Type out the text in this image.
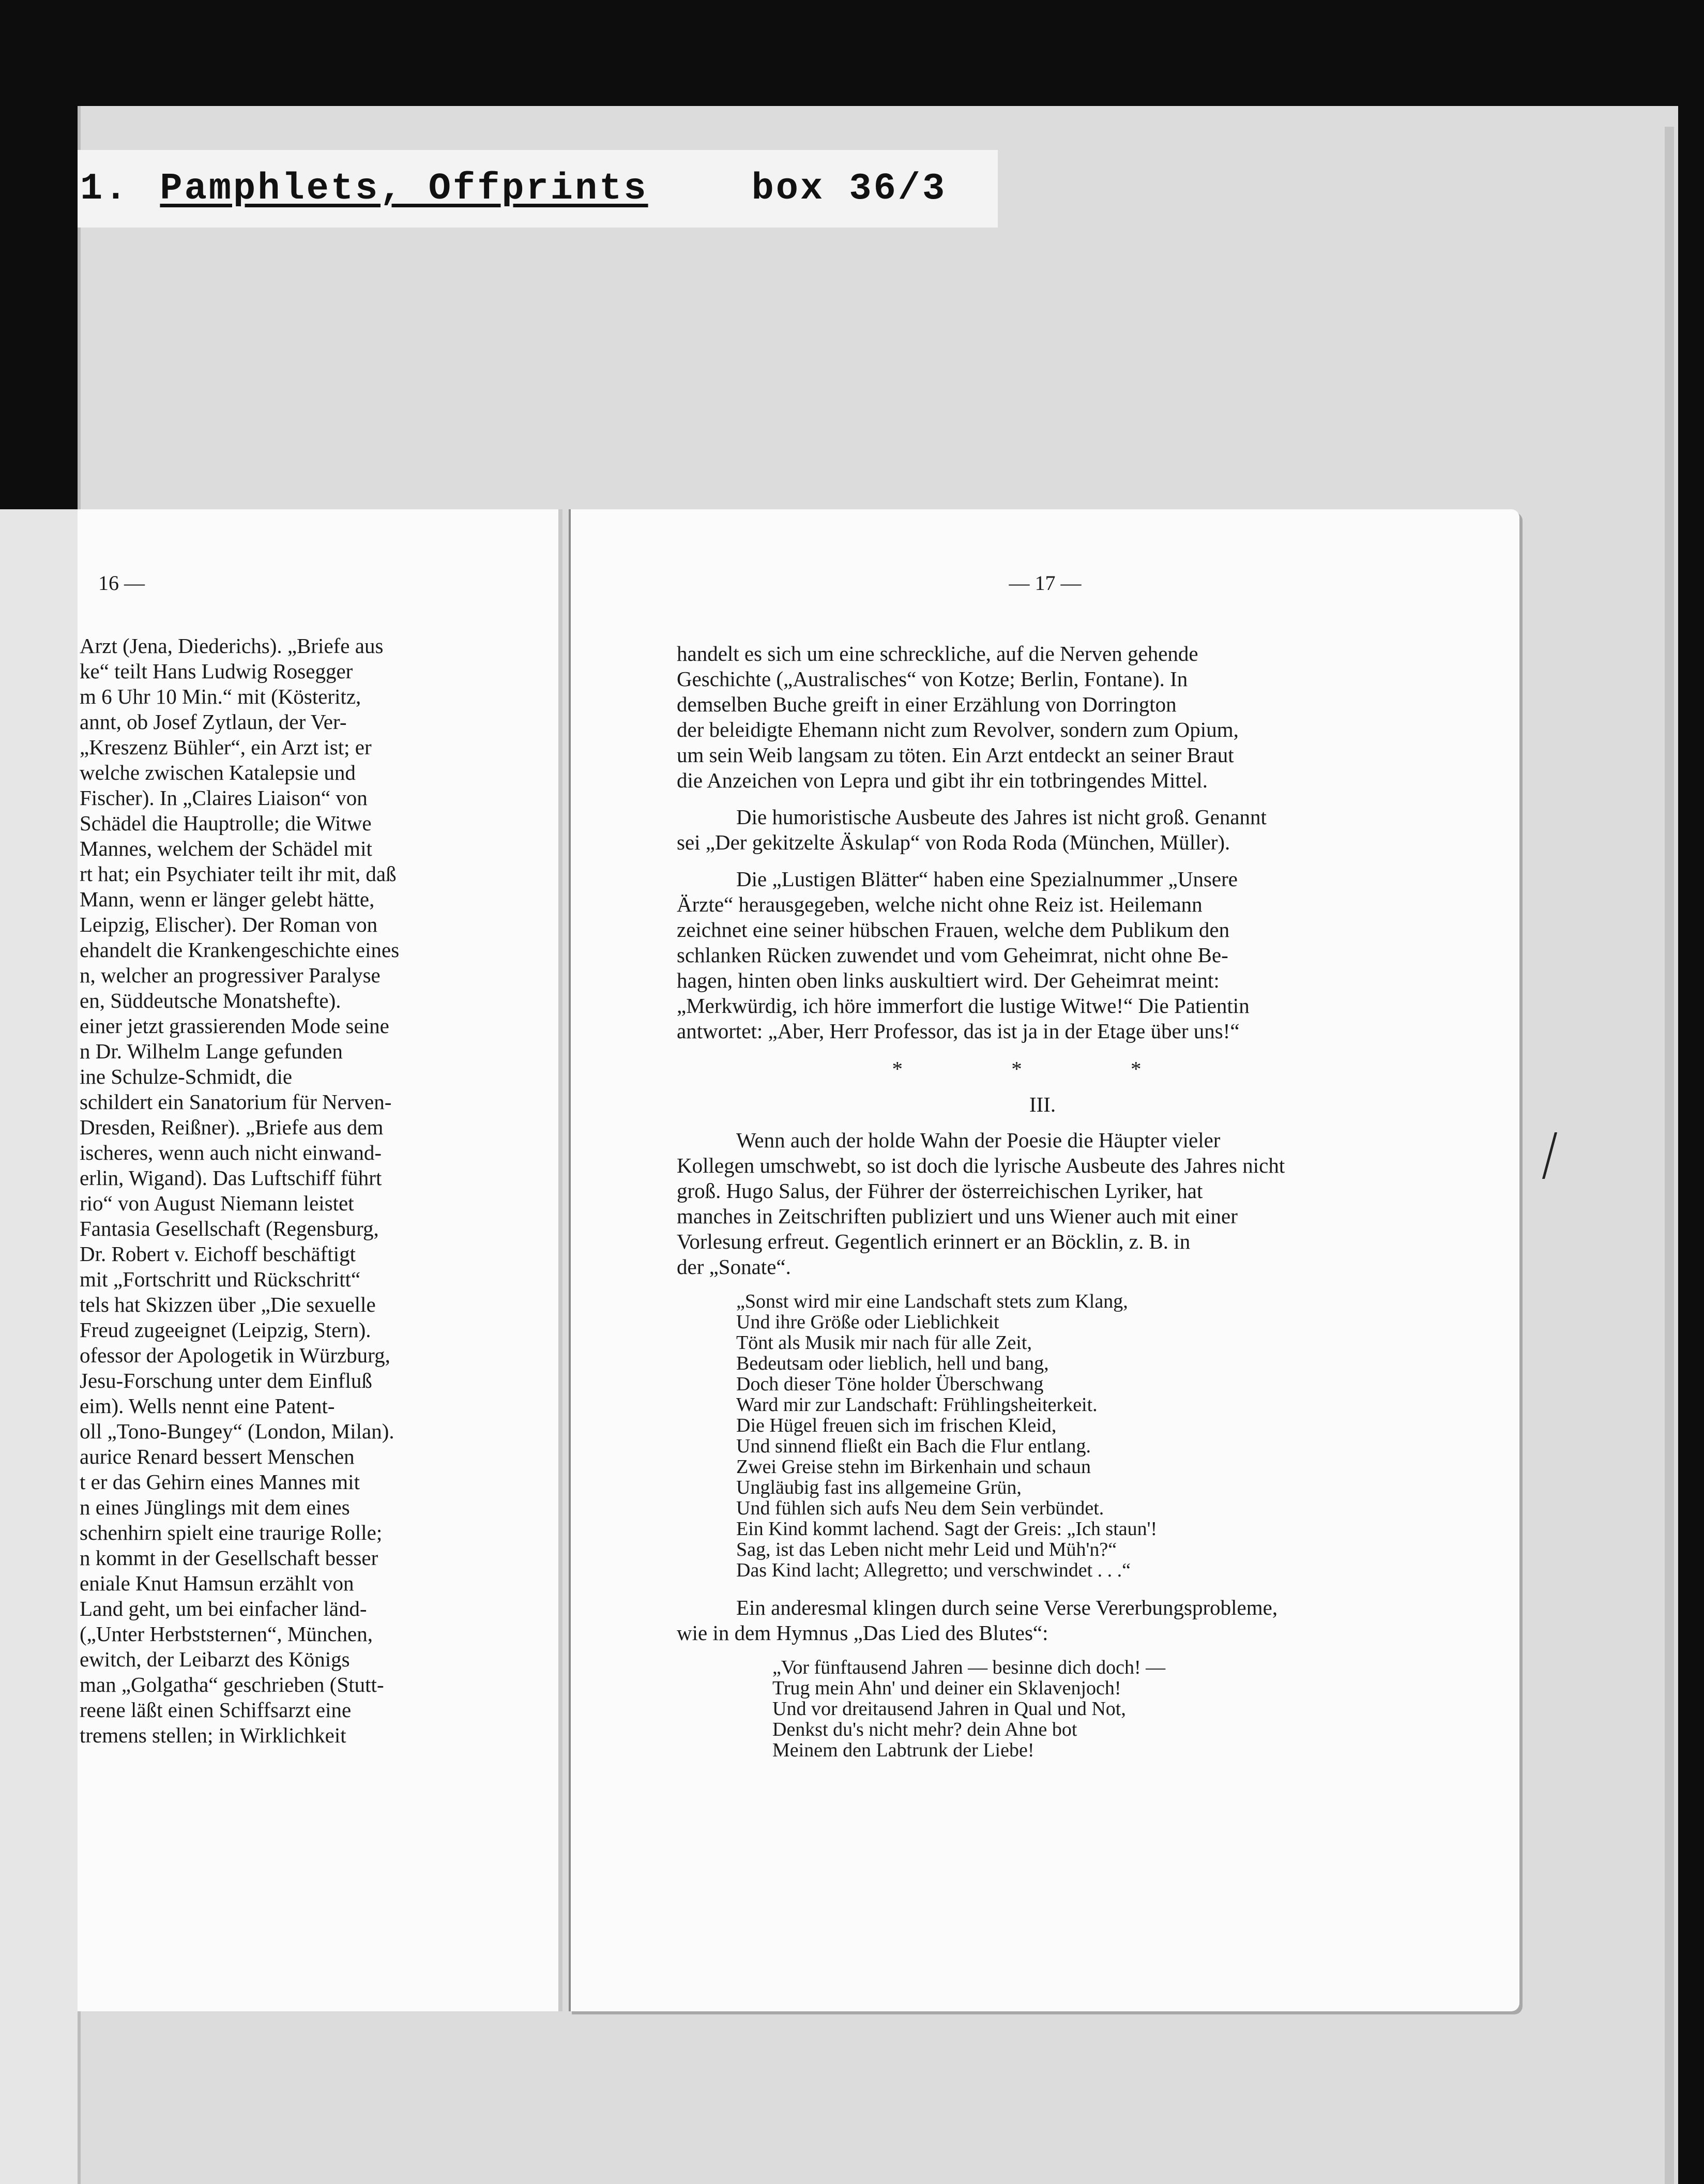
1. Pamphlets, Offprints	box 36/3
16 —
Arzt (Jena, Diederichs). „Briefe aus
ke“ teilt Hans Ludwig Rosegger
m 6 Uhr 10 Min.“ mit (Kösteritz,
annt, ob Josef Zytlaun, der Ver-
„Kreszenz Bühler“, ein Arzt ist; er
welche zwischen Katalepsie und
Fischer). In „Claires Liaison“ von
Schädel die Hauptrolle; die Witwe
Mannes, welchem der Schädel mit
rt hat; ein Psychiater teilt ihr mit, daß
Mann, wenn er länger gelebt hätte,
Leipzig, Elischer). Der Roman von
ehandelt die Krankengeschichte eines
n, welcher an progressiver Paralyse
en, Süddeutsche Monatshefte).
einer jetzt grassierenden Mode seine
n Dr. Wilhelm Lange gefunden
ine Schulze-Schmidt, die
schildert ein Sanatorium für Nerven-
Dresden, Reißner). „Briefe aus dem
ischeres, wenn auch nicht einwand-
erlin, Wigand). Das Luftschiff führt
rio“ von August Niemann leistet
Fantasia Gesellschaft (Regensburg,
Dr. Robert v. Eichoff beschäftigt
mit „Fortschritt und Rückschritt“
tels hat Skizzen über „Die sexuelle
Freud zugeeignet (Leipzig, Stern).
ofessor der Apologetik in Würzburg,
Jesu-Forschung unter dem Einfluß
eim). Wells nennt eine Patent-
oll „Tono-Bungey“ (London, Milan).
aurice Renard bessert Menschen
t er das Gehirn eines Mannes mit
n eines Jünglings mit dem eines
schenhirn spielt eine traurige Rolle;
n kommt in der Gesellschaft besser
eniale Knut Hamsun erzählt von
Land geht, um bei einfacher länd-
(„Unter Herbststernen“, München,
ewitch, der Leibarzt des Königs
man „Golgatha“ geschrieben (Stutt-
reene läßt einen Schiffsarzt eine
tremens stellen; in Wirklichkeit
— 17 —

handelt es sich um eine schreckliche, auf die Nerven gehende
Geschichte („Australisches“ von Kotze; Berlin, Fontane). In
demselben Buche greift in einer Erzählung von Dorrington
der beleidigte Ehemann nicht zum Revolver, sondern zum Opium,
um sein Weib langsam zu töten. Ein Arzt entdeckt an seiner Braut
die Anzeichen von Lepra und gibt ihr ein totbringendes Mittel.

Die humoristische Ausbeute des Jahres ist nicht groß. Genannt
sei „Der gekitzelte Äskulap“ von Roda Roda (München, Müller).

Die „Lustigen Blätter“ haben eine Spezialnummer „Unsere
Ärzte“ herausgegeben, welche nicht ohne Reiz ist. Heilemann
zeichnet eine seiner hübschen Frauen, welche dem Publikum den
schlanken Rücken zuwendet und vom Geheimrat, nicht ohne Be-
hagen, hinten oben links auskultiert wird. Der Geheimrat meint:
„Merkwürdig, ich höre immerfort die lustige Witwe!“ Die Patientin
antwortet: „Aber, Herr Professor, das ist ja in der Etage über uns!“

* * *
III.

Wenn auch der holde Wahn der Poesie die Häupter vieler
Kollegen umschwebt, so ist doch die lyrische Ausbeute des Jahres nicht
groß. Hugo Salus, der Führer der österreichischen Lyriker, hat
manches in Zeitschriften publiziert und uns Wiener auch mit einer
Vorlesung erfreut. Gegentlich erinnert er an Böcklin, z. B. in
der „Sonate“.

„Sonst wird mir eine Landschaft stets zum Klang,
Und ihre Größe oder Lieblichkeit
Tönt als Musik mir nach für alle Zeit,
Bedeutsam oder lieblich, hell und bang,
Doch dieser Töne holder Überschwang
Ward mir zur Landschaft: Frühlingsheiterkeit.
Die Hügel freuen sich im frischen Kleid,
Und sinnend fließt ein Bach die Flur entlang.
Zwei Greise stehn im Birkenhain und schaun
Ungläubig fast ins allgemeine Grün,
Und fühlen sich aufs Neu dem Sein verbündet.
Ein Kind kommt lachend. Sagt der Greis: „Ich staun'!
Sag, ist das Leben nicht mehr Leid und Müh'n?“
Das Kind lacht; Allegretto; und verschwindet . . .“

Ein anderesmal klingen durch seine Verse Vererbungsprobleme,
wie in dem Hymnus „Das Lied des Blutes“:

„Vor fünftausend Jahren — besinne dich doch! —
Trug mein Ahn' und deiner ein Sklavenjoch!
Und vor dreitausend Jahren in Qual und Not,
Denkst du's nicht mehr? dein Ahne bot
Meinem den Labtrunk der Liebe!
